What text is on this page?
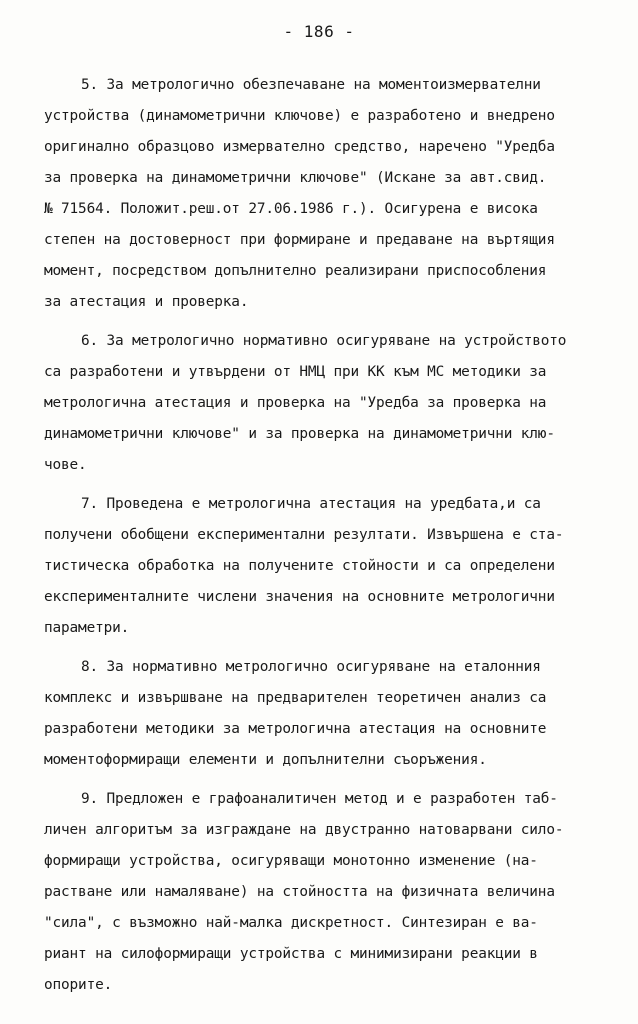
- 186 -
5. За метрологично обезпечаване на моментоизмервателни
устройства (динамометрични ключове) е разработено и внедрено
оригинално образцово измервателно средство, наречено "Уредба
за проверка на динамометрични ключове" (Искане за авт.свид.
№ 71564. Положит.реш.от 27.06.1986 г.). Осигурена е висока
степен на достоверност при формиране и предаване на въртящия
момент, посредством допълнително реализирани приспособления
за атестация и проверка.
6. За метрологично нормативно осигуряване на устройството
са разработени и утвърдени от НМЦ при КК към МС методики за
метрологична атестация и проверка на "Уредба за проверка на
динамометрични ключове" и за проверка на динамометрични клю-
чове.
7. Проведена е метрологична атестация на уредбата,и са
получени обобщени експериментални резултати. Извършена е ста-
тистическа обработка на получените стойности и са определени
експерименталните числени значения на основните метрологични
параметри.
8. За нормативно метрологично осигуряване на еталонния
комплекс и извършване на предварителен теоретичен анализ са
разработени методики за метрологична атестация на основните
моментоформиращи елементи и допълнителни съоръжения.
9. Предложен е графоаналитичен метод и е разработен таб-
личен алгоритъм за изграждане на двустранно натоварвани сило-
формиращи устройства, осигуряващи монотонно изменение (на-
растване или намаляване) на стойността на физичната величина
"сила", с възможно най-малка дискретност. Синтезиран е ва-
риант на силоформиращи устройства с минимизирани реакции в
опорите.
